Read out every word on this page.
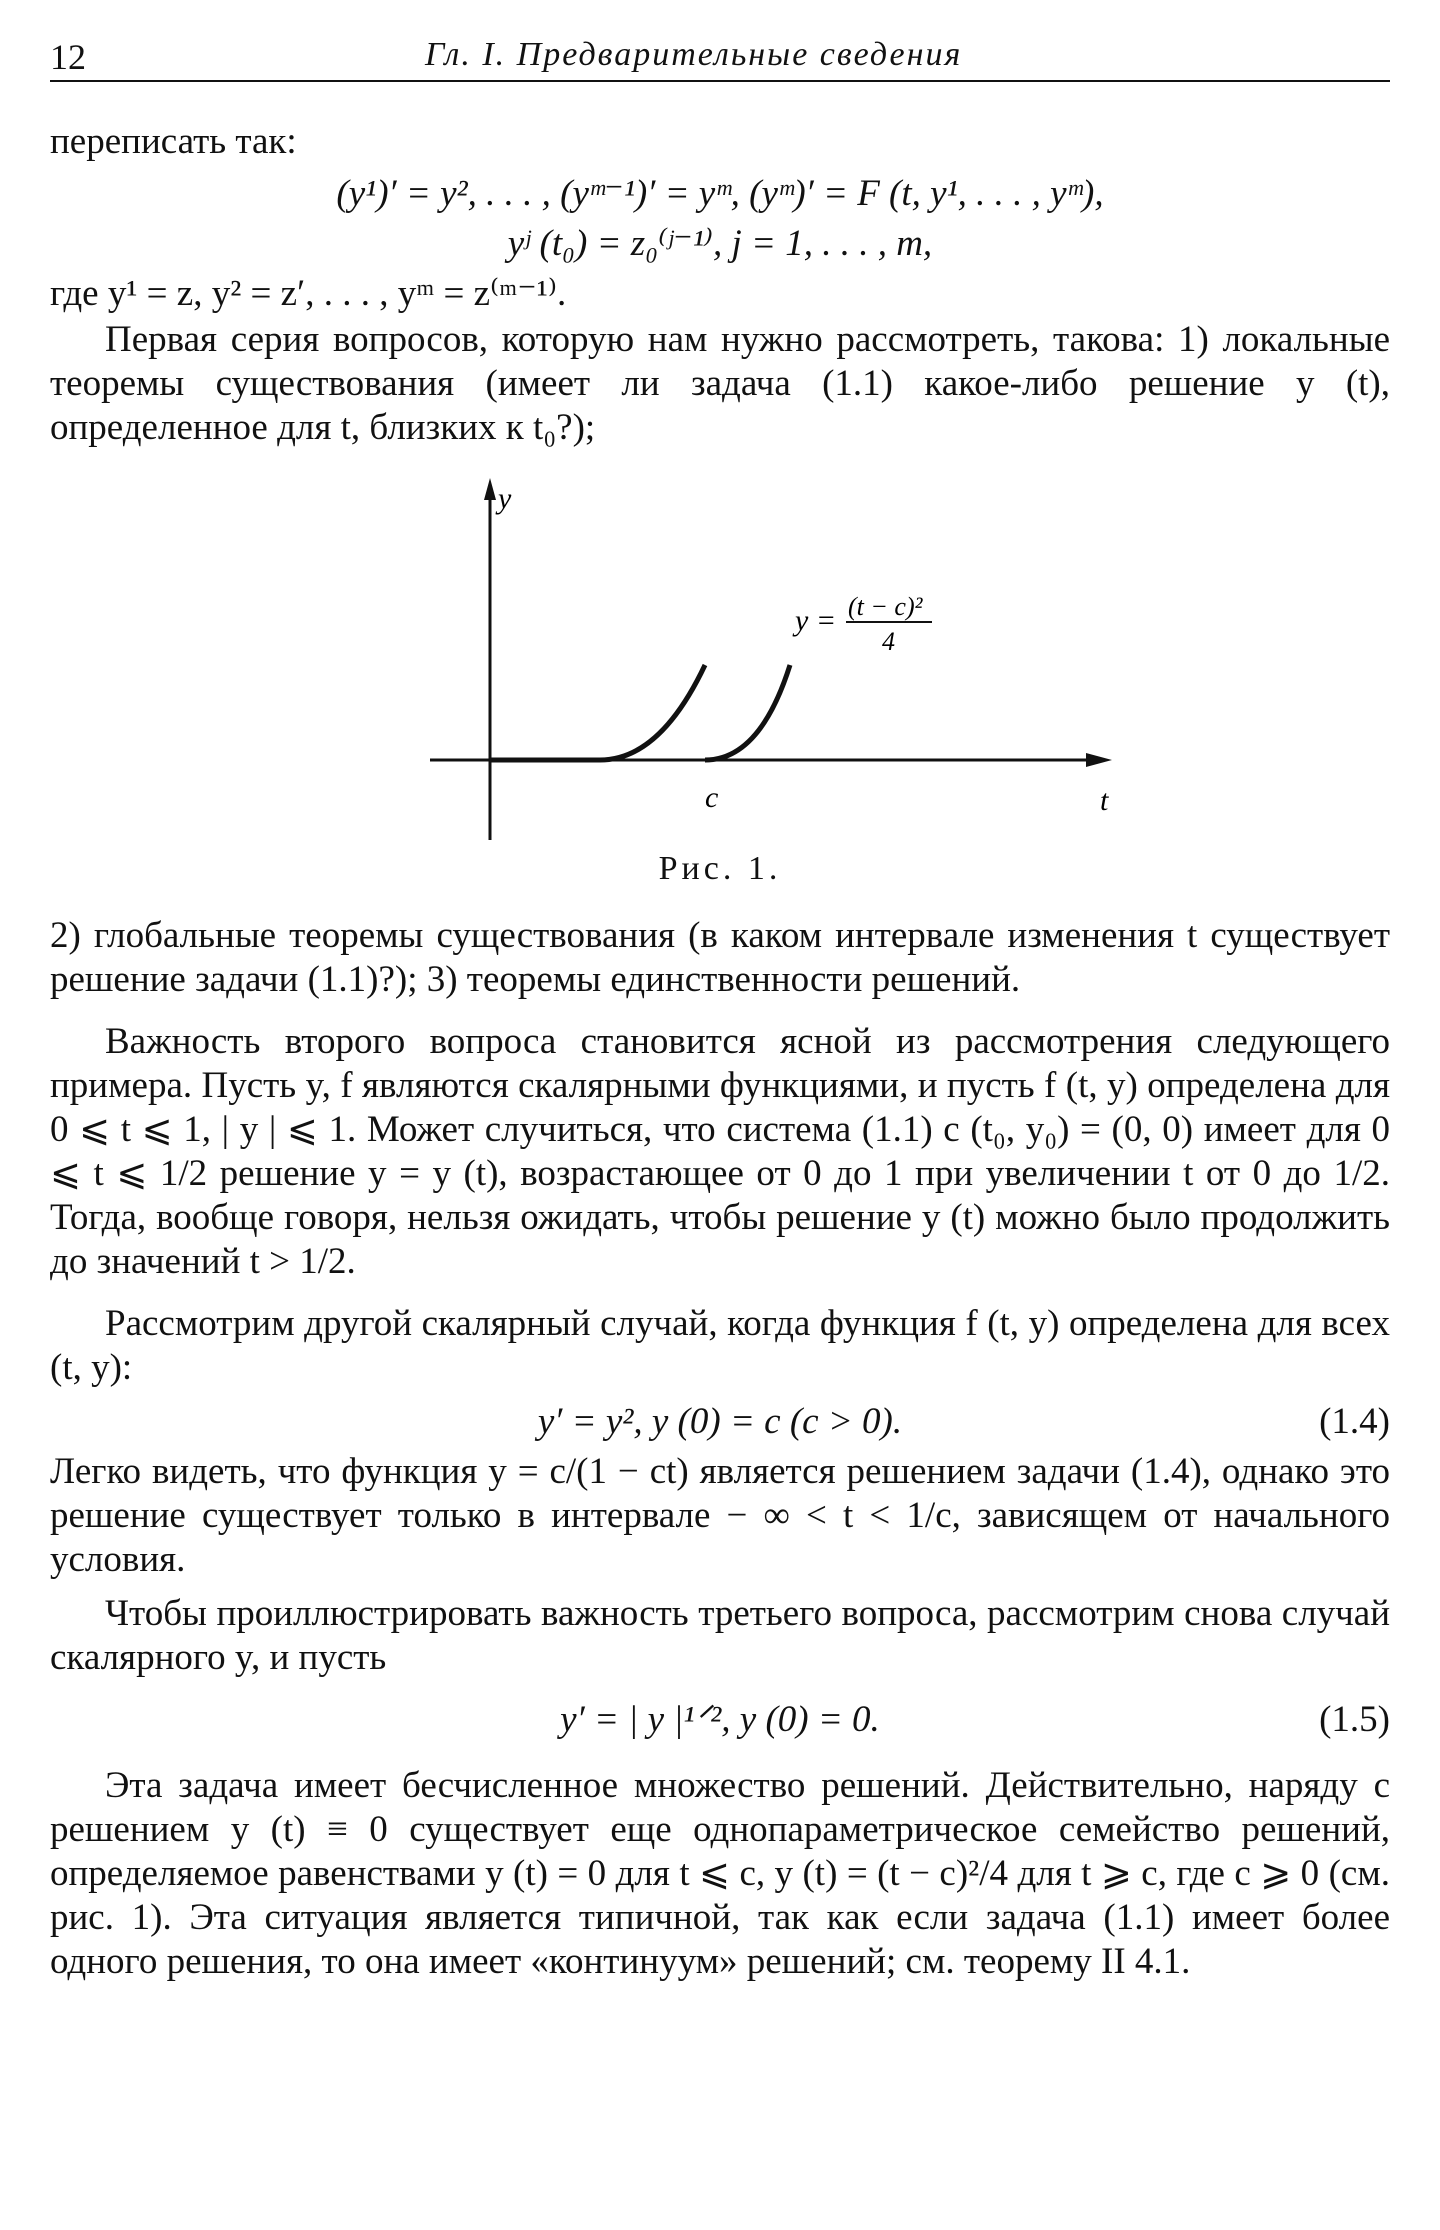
12	Гл. I. Предварительные сведения

переписать так:

(y¹)′ = y², . . . , (yᵐ⁻¹)′ = yᵐ, (yᵐ)′ = F (t, y¹, . . . , yᵐ),
yʲ (t₀) = z₀⁽ʲ⁻¹⁾, j = 1, . . . , m,

где y¹ = z, y² = z′, . . . , yᵐ = z⁽ᵐ⁻¹⁾.

Первая серия вопросов, которую нам нужно рассмотреть, такова: 1) локальные теоремы существования (имеет ли задача (1.1) какое-либо решение y (t), определенное для t, близких к t₀?);

y
t
c
y = (t − c)²
4

Рис. 1.

2) глобальные теоремы существования (в каком интервале изменения t существует решение задачи (1.1)?); 3) теоремы единственности решений.

Важность второго вопроса становится ясной из рассмотрения следующего примера. Пусть y, f являются скалярными функциями, и пусть f (t, y) определена для 0 ⩽ t ⩽ 1, | y | ⩽ 1. Может случиться, что система (1.1) с (t₀, y₀) = (0, 0) имеет для 0 ⩽ t ⩽ 1/2 решение y = y (t), возрастающее от 0 до 1 при увеличении t от 0 до 1/2. Тогда, вообще говоря, нельзя ожидать, чтобы решение y (t) можно было продолжить до значений t > 1/2.

Рассмотрим другой скалярный случай, когда функция f (t, y) определена для всех (t, y):

y′ = y², y (0) = c (c > 0).	(1.4)

Легко видеть, что функция y = c/(1 − ct) является решением задачи (1.4), однако это решение существует только в интервале − ∞ < t < 1/c, зависящем от начального условия.

Чтобы проиллюстрировать важность третьего вопроса, рассмотрим снова случай скалярного y, и пусть

y′ = | y |¹ᐟ², y (0) = 0.	(1.5)

Эта задача имеет бесчисленное множество решений. Действительно, наряду с решением y (t) ≡ 0 существует еще однопараметрическое семейство решений, определяемое равенствами y (t) = 0 для t ⩽ c, y (t) = (t − c)²/4 для t ⩾ c, где c ⩾ 0 (см. рис. 1). Эта ситуация является типичной, так как если задача (1.1) имеет более одного решения, то она имеет «континуум» решений; см. теорему II 4.1.
